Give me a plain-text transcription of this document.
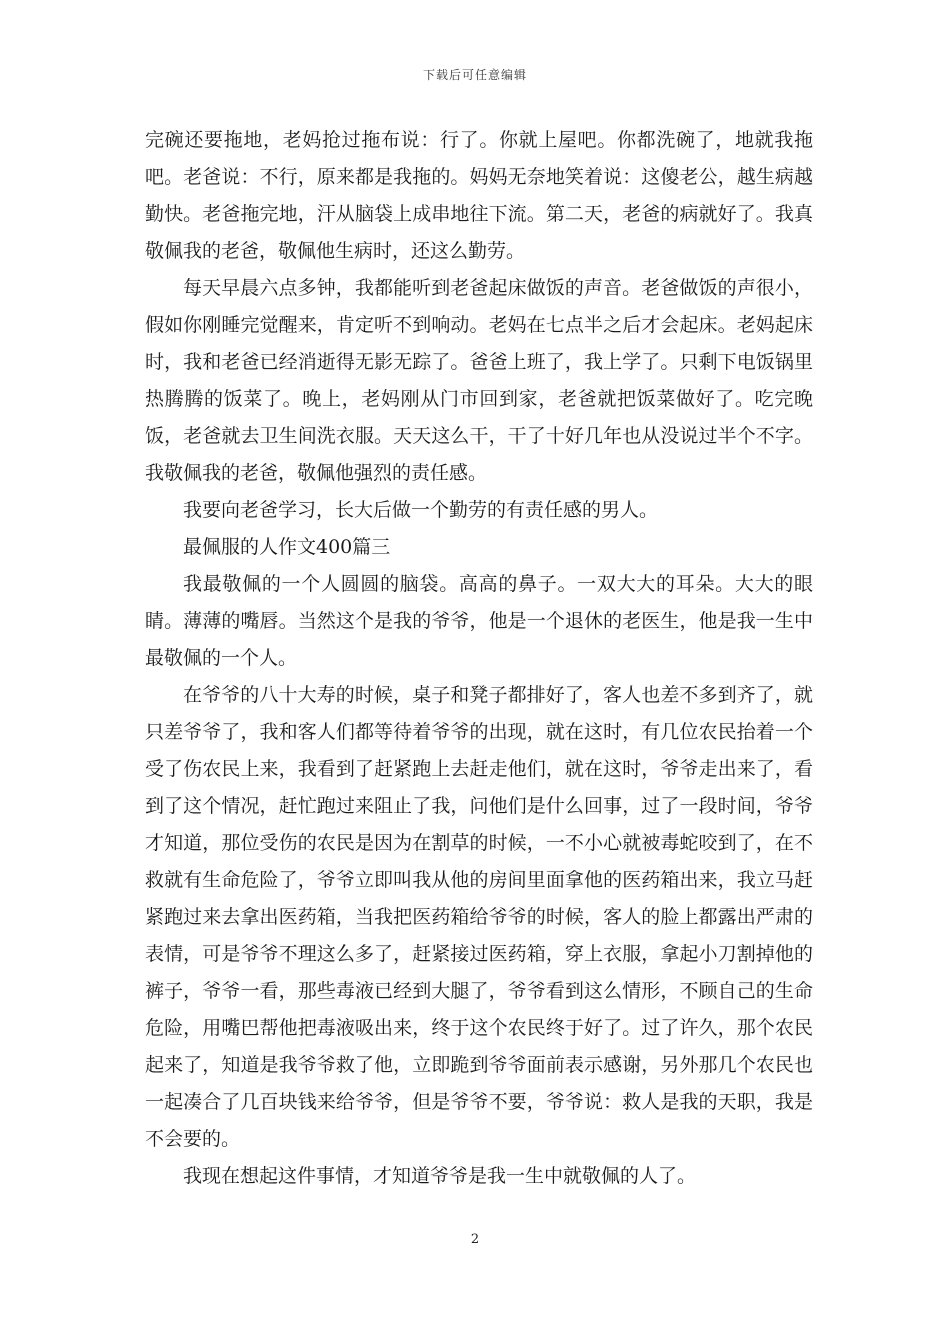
下载后可任意编辑

完碗还要拖地，老妈抢过拖布说：行了。你就上屋吧。你都洗碗了，地就我拖吧。老爸说：不行，原来都是我拖的。妈妈无奈地笑着说：这傻老公，越生病越勤快。老爸拖完地，汗从脑袋上成串地往下流。第二天，老爸的病就好了。我真敬佩我的老爸，敬佩他生病时，还这么勤劳。

每天早晨六点多钟，我都能听到老爸起床做饭的声音。老爸做饭的声很小，假如你刚睡完觉醒来，肯定听不到响动。老妈在七点半之后才会起床。老妈起床时，我和老爸已经消逝得无影无踪了。爸爸上班了，我上学了。只剩下电饭锅里热腾腾的饭菜了。晚上，老妈刚从门市回到家，老爸就把饭菜做好了。吃完晚饭，老爸就去卫生间洗衣服。天天这么干，干了十好几年也从没说过半个不字。我敬佩我的老爸，敬佩他强烈的责任感。

我要向老爸学习，长大后做一个勤劳的有责任感的男人。

最佩服的人作文400篇三

我最敬佩的一个人圆圆的脑袋。高高的鼻子。一双大大的耳朵。大大的眼睛。薄薄的嘴唇。当然这个是我的爷爷，他是一个退休的老医生，他是我一生中最敬佩的一个人。

在爷爷的八十大寿的时候，桌子和凳子都排好了，客人也差不多到齐了，就只差爷爷了，我和客人们都等待着爷爷的出现，就在这时，有几位农民抬着一个受了伤农民上来，我看到了赶紧跑上去赶走他们，就在这时，爷爷走出来了，看到了这个情况，赶忙跑过来阻止了我，问他们是什么回事，过了一段时间，爷爷才知道，那位受伤的农民是因为在割草的时候，一不小心就被毒蛇咬到了，在不救就有生命危险了，爷爷立即叫我从他的房间里面拿他的医药箱出来，我立马赶紧跑过来去拿出医药箱，当我把医药箱给爷爷的时候，客人的脸上都露出严肃的表情，可是爷爷不理这么多了，赶紧接过医药箱，穿上衣服，拿起小刀割掉他的裤子，爷爷一看，那些毒液已经到大腿了，爷爷看到这么情形，不顾自己的生命危险，用嘴巴帮他把毒液吸出来，终于这个农民终于好了。过了许久，那个农民起来了，知道是我爷爷救了他，立即跪到爷爷面前表示感谢，另外那几个农民也一起凑合了几百块钱来给爷爷，但是爷爷不要，爷爷说：救人是我的天职，我是不会要的。

我现在想起这件事情，才知道爷爷是我一生中就敬佩的人了。

2
